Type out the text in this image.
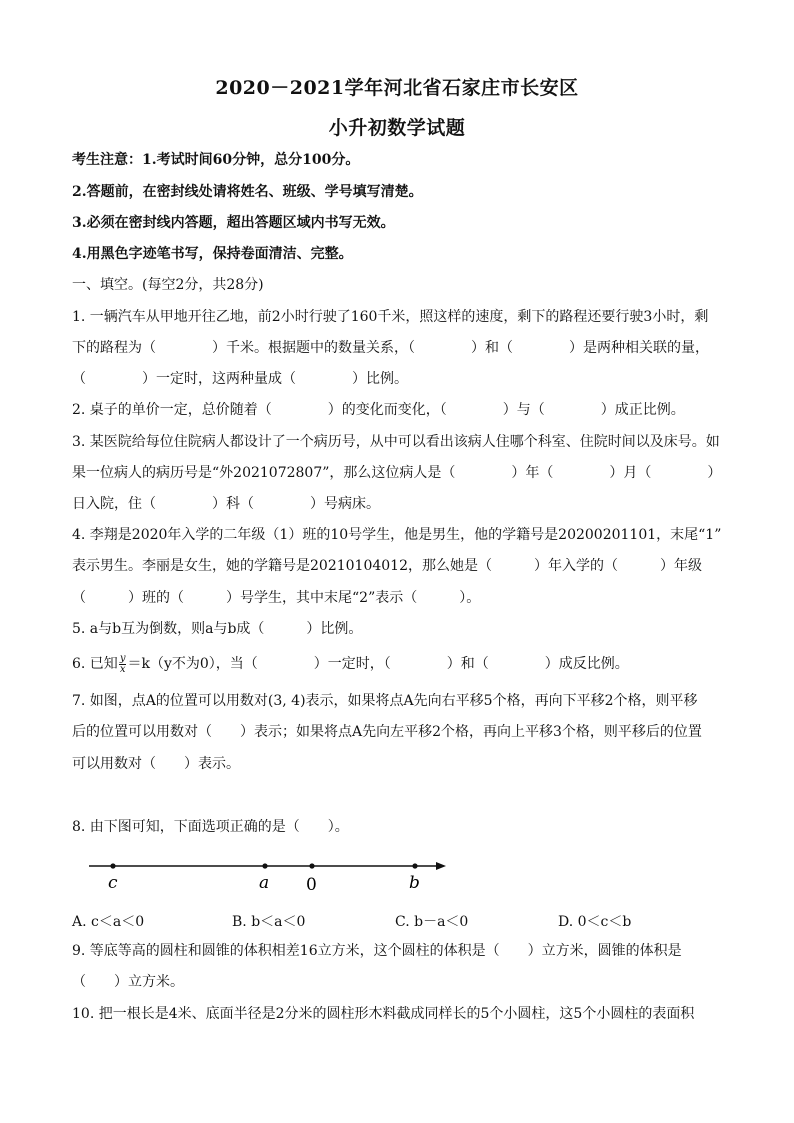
2020－2021学年河北省石家庄市长安区
小升初数学试题
考生注意：1.考试时间60分钟，总分100分。
2.答题前，在密封线处请将姓名、班级、学号填写清楚。
3.必须在密封线内答题，超出答题区域内书写无效。
4.用黑色字迹笔书写，保持卷面清洁、完整。
一、填空。(每空2分，共28分)
1. 一辆汽车从甲地开往乙地，前2小时行驶了160千米，照这样的速度，剩下的路程还要行驶3小时，剩
下的路程为（　　　　）千米。根据题中的数量关系，（　　　　）和（　　　　）是两种相关联的量，
（　　　　）一定时，这两种量成（　　　　）比例。
2. 桌子的单价一定，总价随着（　　　　）的变化而变化，（　　　　）与（　　　　）成正比例。
3. 某医院给每位住院病人都设计了一个病历号，从中可以看出该病人住哪个科室、住院时间以及床号。如
果一位病人的病历号是“外2021072807”，那么这位病人是（　　　　）年（　　　　）月（　　　　）
日入院，住（　　　　）科（　　　　）号病床。
4. 李翔是2020年入学的二年级（1）班的10号学生，他是男生，他的学籍号是20200201101，末尾“1”
表示男生。李丽是女生，她的学籍号是20210104012，那么她是（　　　）年入学的（　　　）年级
（　　　）班的（　　　）号学生，其中末尾“2”表示（　　　）。
5. a与b互为倒数，则a与b成（　　　）比例。
6. 已知 $\frac{y}{x} =k(y$不为0），当（　　　　）一定时，（　　　　）和（　　　　）成反比例。
7. 如图，点A的位置可以用数对(3, 4)表示，如果将点A先向右平移5个格，再向下平移2个格，则平移
后的位置可以用数对（　　）表示；如果将点A先向左平移2个格，再向上平移3个格，则平移后的位置
可以用数对（　　）表示。
8. 由下图可知，下面选项正确的是（　　）。
c	a 0	b
A. c＜a＜0	B. b＜a＜0	C. b－a＜0	D. 0＜c＜b
9. 等底等高的圆柱和圆锥的体积相差16立方米，这个圆柱的体积是（　　）立方米，圆锥的体积是
（　　）立方米。
10. 把一根长是4米、底面半径是2分米的圆柱形木料截成同样长的5个小圆柱，这5个小圆柱的表面积
